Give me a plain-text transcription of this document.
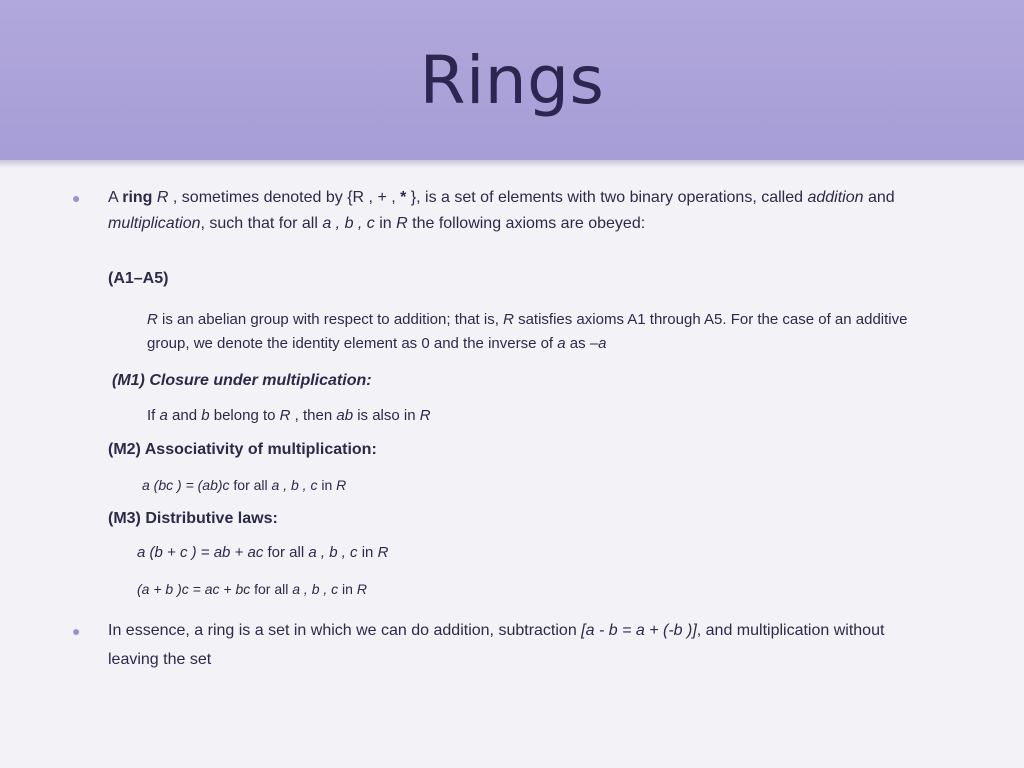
Rings
● A ring R , sometimes denoted by {R , + , * }, is a set of elements with two binary operations, called addition and
multiplication, such that for all a , b , c in R the following axioms are obeyed:
(A1–A5)
R is an abelian group with respect to addition; that is, R satisfies axioms A1 through A5. For the case of an additive
group, we denote the identity element as 0 and the inverse of a as –a
(M1) Closure under multiplication:
If a and b belong to R , then ab is also in R
(M2) Associativity of multiplication:
a (bc ) = (ab)c for all a , b , c in R
(M3) Distributive laws:
a (b + c ) = ab + ac for all a , b , c in R
(a + b )c = ac + bc for all a , b , c in R
● In essence, a ring is a set in which we can do addition, subtraction [a - b = a + (-b )], and multiplication without
leaving the set
